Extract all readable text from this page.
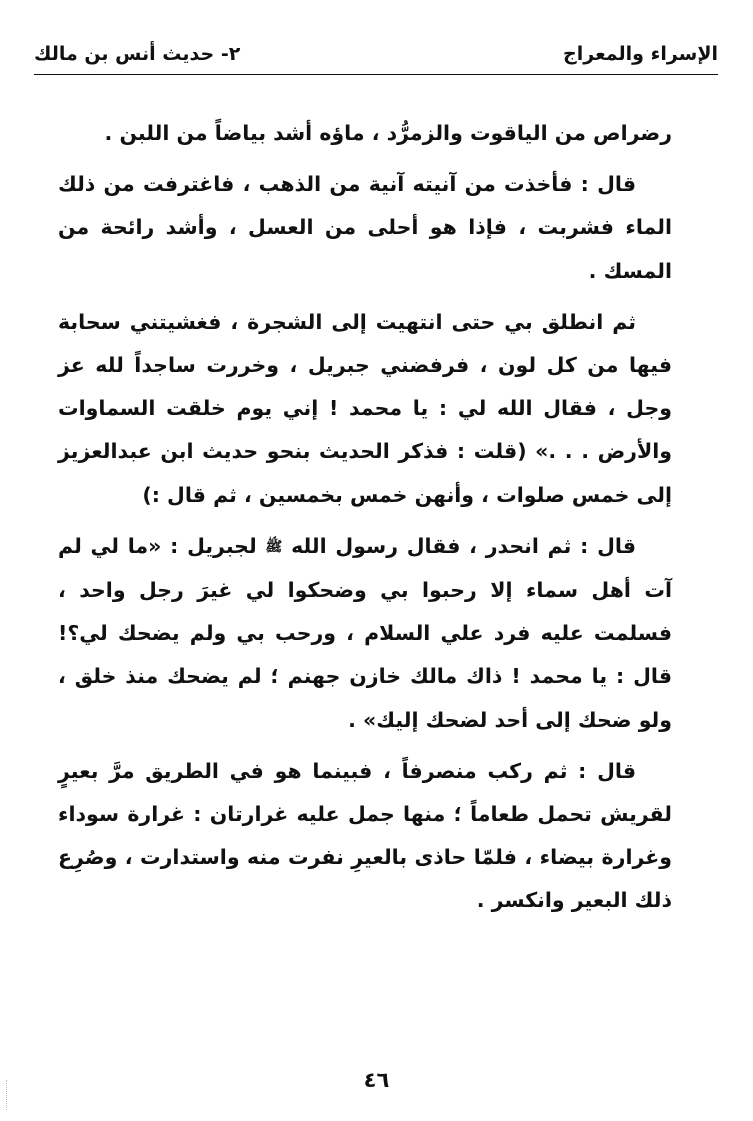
الإسراء والمعراج
٢- حديث أنس بن مالك

رضراص من الياقوت والزمرُّد ، ماؤه أشد بياضاً من اللبن .

قال : فأخذت من آنيته آنية من الذهب ، فاغترفت من ذلك الماء فشربت ، فإذا هو أحلى من العسل ، وأشد رائحة من المسك .

ثم انطلق بي حتى انتهيت إلى الشجرة ، فغشيتني سحابة فيها من كل لون ، فرفضني جبريل ، وخررت ساجداً لله عز وجل ، فقال الله لي : يا محمد ! إني يوم خلقت السماوات والأرض . . .» (قلت : فذكر الحديث بنحو حديث ابن عبدالعزيز إلى خمس صلوات ، وأنهن خمس بخمسين ، ثم قال :)

قال : ثم انحدر ، فقال رسول الله ﷺ لجبريل : «ما لي لم آت أهل سماء إلا رحبوا بي وضحكوا لي غيرَ رجل واحد ، فسلمت عليه فرد علي السلام ، ورحب بي ولم يضحك لي؟! قال : يا محمد ! ذاك مالك خازن جهنم ؛ لم يضحك منذ خلق ، ولو ضحك إلى أحد لضحك إليك» .

قال : ثم ركب منصرفاً ، فبينما هو في الطريق مرَّ بعيرٍ لقريش تحمل طعاماً ؛ منها جمل عليه غرارتان : غرارة سوداء وغرارة بيضاء ، فلمّا حاذى بالعيرِ نفرت منه واستدارت ، وصُرِع ذلك البعير وانكسر .

٤٦
